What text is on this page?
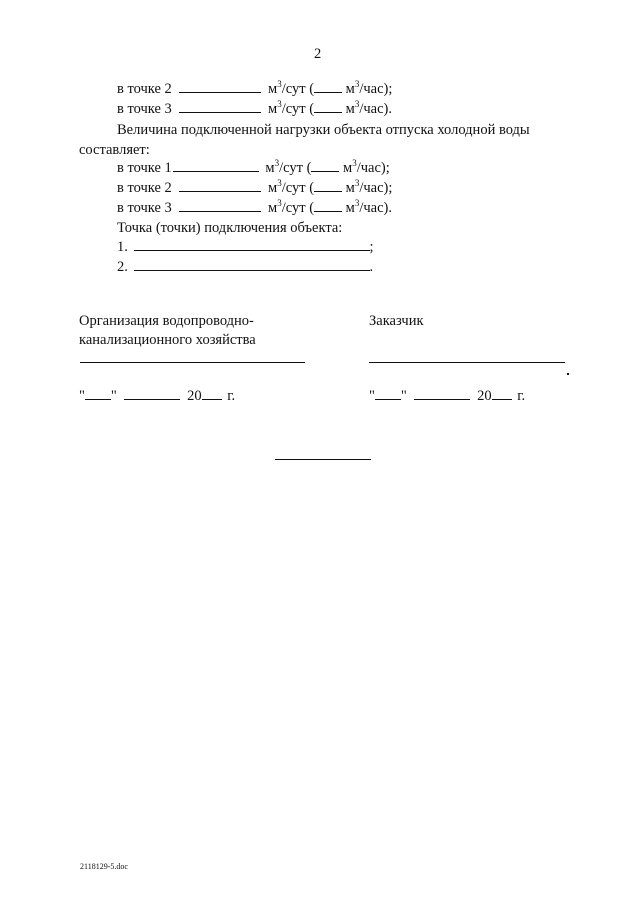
2
в точке 2	$м^3$/сут ( $м^3/час$);
в точке 3	$м^3$/сут ( $м^3/час$).
Величина подключенной нагрузки объекта отпуска холодной воды
составляет:
в точке 1	$м^3$/сут ( $м^3/час$);
в точке 2	$м^3$/сут ( $м^3/час$);
в точке 3	$м^3$/сут ( $м^3/час$).
Точка (точки) подключения объекта:
1.	;
2.	.
Организация водопроводно-
канализационного хозяйства
" "	20 г.
Заказчик
" "	20 г.
2118129-5.doc
